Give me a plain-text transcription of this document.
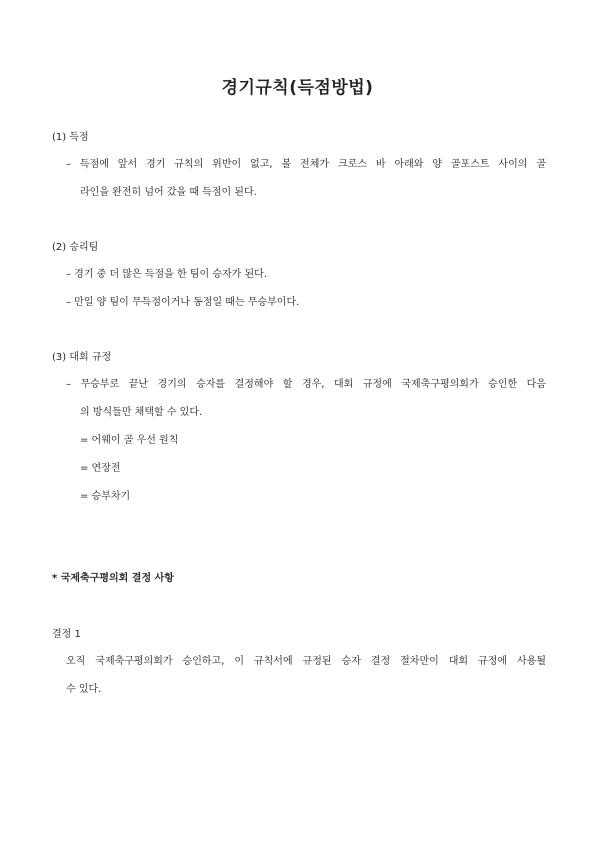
경기규칙(득점방법)
(1) 득점
– 득점에 앞서 경기 규칙의 위반이 없고, 볼 전체가 크로스 바 아래와 양 골포스트 사이의 골
라인을 완전히 넘어 갔을 때 득점이 된다.
(2) 승리팀
– 경기 중 더 많은 득점을 한 팀이 승자가 된다.
– 만일 양 팀이 무득점이거나 동점일 때는 무승부이다.
(3) 대회 규정
– 무승부로 끝난 경기의 승자를 결정해야 할 경우, 대회 규정에 국제축구평의회가 승인한 다음
의 방식들만 채택할 수 있다.
= 어웨이 골 우선 원칙
= 연장전
= 승부차기
* 국제축구평의회 결정 사항
결정 1
오직 국제축구평의회가 승인하고, 이 규칙서에 규정된 승자 결정 절차만이 대회 규정에 사용될
수 있다.
